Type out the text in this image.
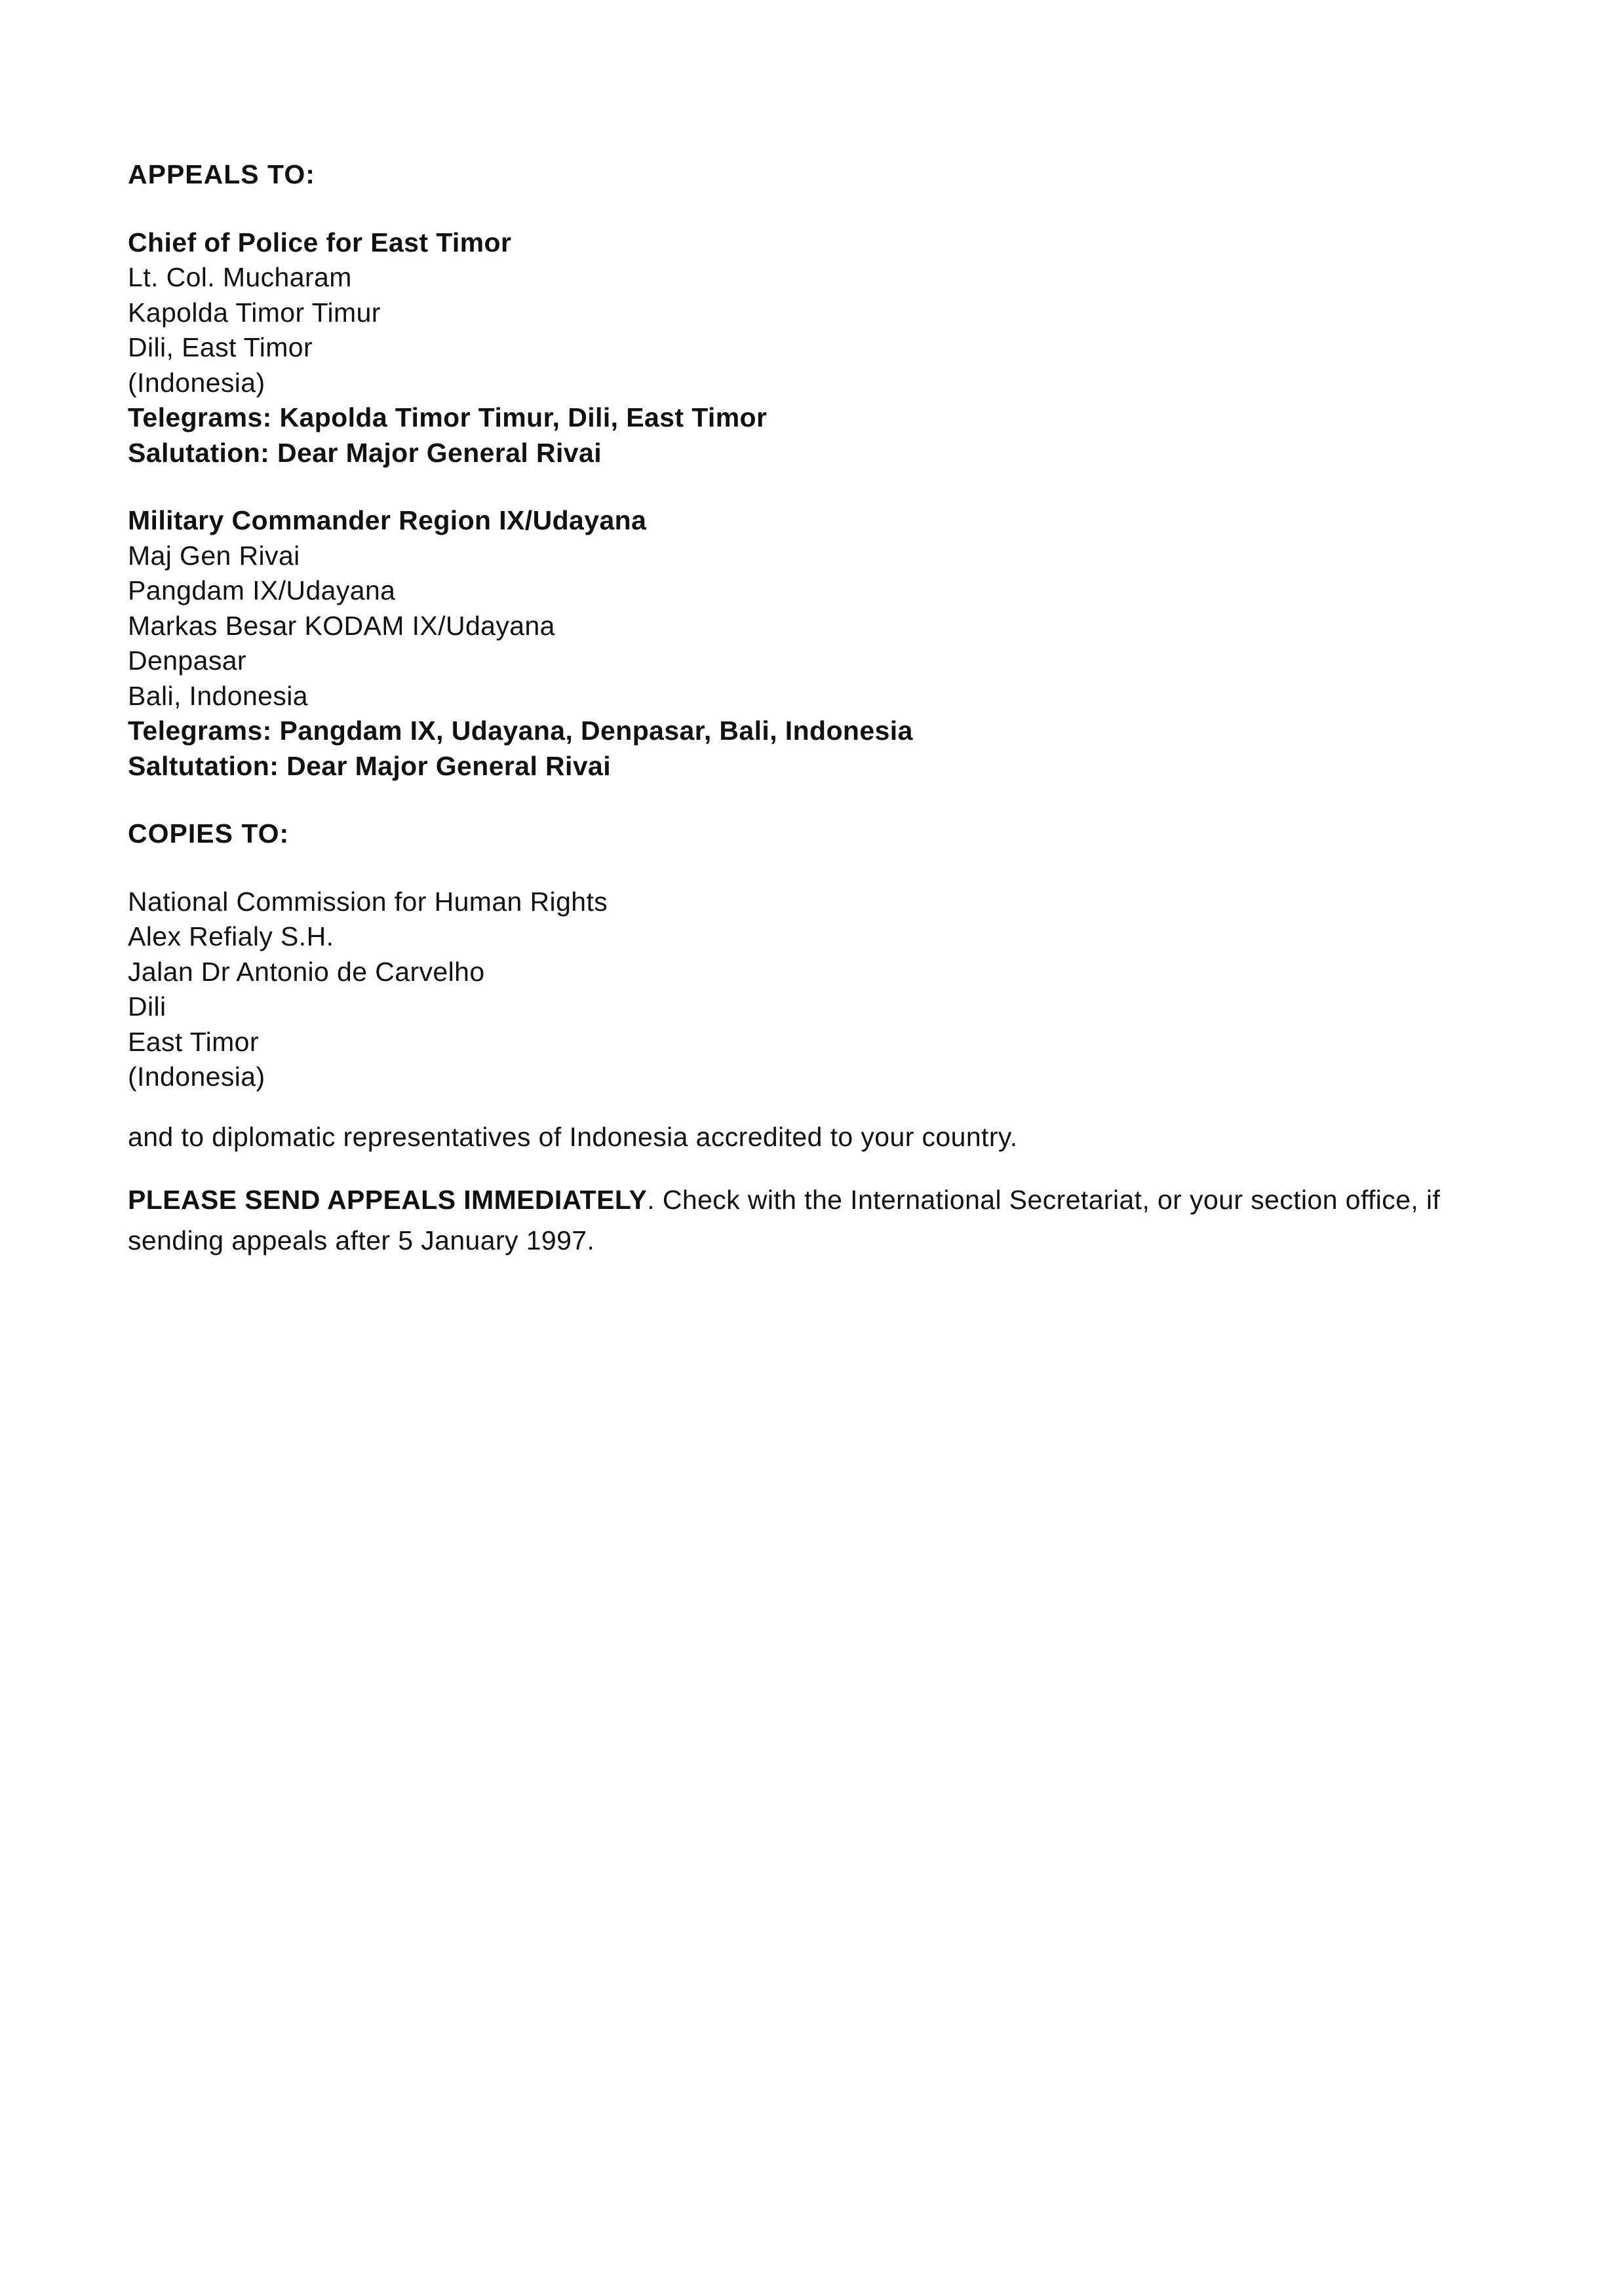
APPEALS TO:
Chief of Police for East Timor
Lt. Col. Mucharam
Kapolda Timor Timur
Dili, East Timor
(Indonesia)
Telegrams: Kapolda Timor Timur, Dili, East Timor
Salutation: Dear Major General Rivai
Military Commander Region IX/Udayana
Maj Gen Rivai
Pangdam IX/Udayana
Markas Besar KODAM IX/Udayana
Denpasar
Bali, Indonesia
Telegrams: Pangdam IX, Udayana, Denpasar, Bali, Indonesia
Saltutation: Dear Major General Rivai
COPIES TO:
National Commission for Human Rights
Alex Refialy S.H.
Jalan Dr Antonio de Carvelho
Dili
East Timor
(Indonesia)
and to diplomatic representatives of Indonesia accredited to your country.
PLEASE SEND APPEALS IMMEDIATELY. Check with the International Secretariat, or your section office, if sending appeals after 5 January 1997.
